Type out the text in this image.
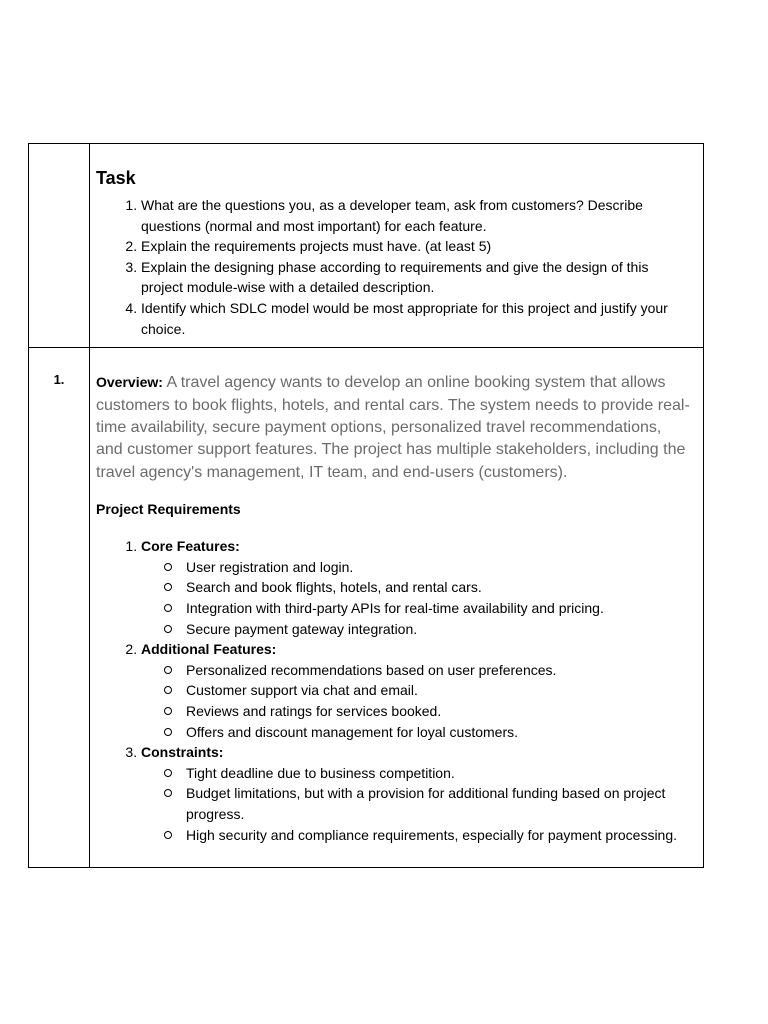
Task
1. What are the questions you, as a developer team, ask from customers? Describe questions (normal and most important) for each feature.
2. Explain the requirements projects must have. (at least 5)
3. Explain the designing phase according to requirements and give the design of this project module-wise with a detailed description.
4. Identify which SDLC model would be most appropriate for this project and justify your choice.
1.	Overview: A travel agency wants to develop an online booking system that allows customers to book flights, hotels, and rental cars. The system needs to provide real-time availability, secure payment options, personalized travel recommendations, and customer support features. The project has multiple stakeholders, including the travel agency's management, IT team, and end-users (customers).

Project Requirements
1. Core Features:
User registration and login.
Search and book flights, hotels, and rental cars.
Integration with third-party APIs for real-time availability and pricing.
Secure payment gateway integration.
2. Additional Features:
Personalized recommendations based on user preferences.
Customer support via chat and email.
Reviews and ratings for services booked.
Offers and discount management for loyal customers.
3. Constraints:
Tight deadline due to business competition.
Budget limitations, but with a provision for additional funding based on project progress.
High security and compliance requirements, especially for payment processing.
